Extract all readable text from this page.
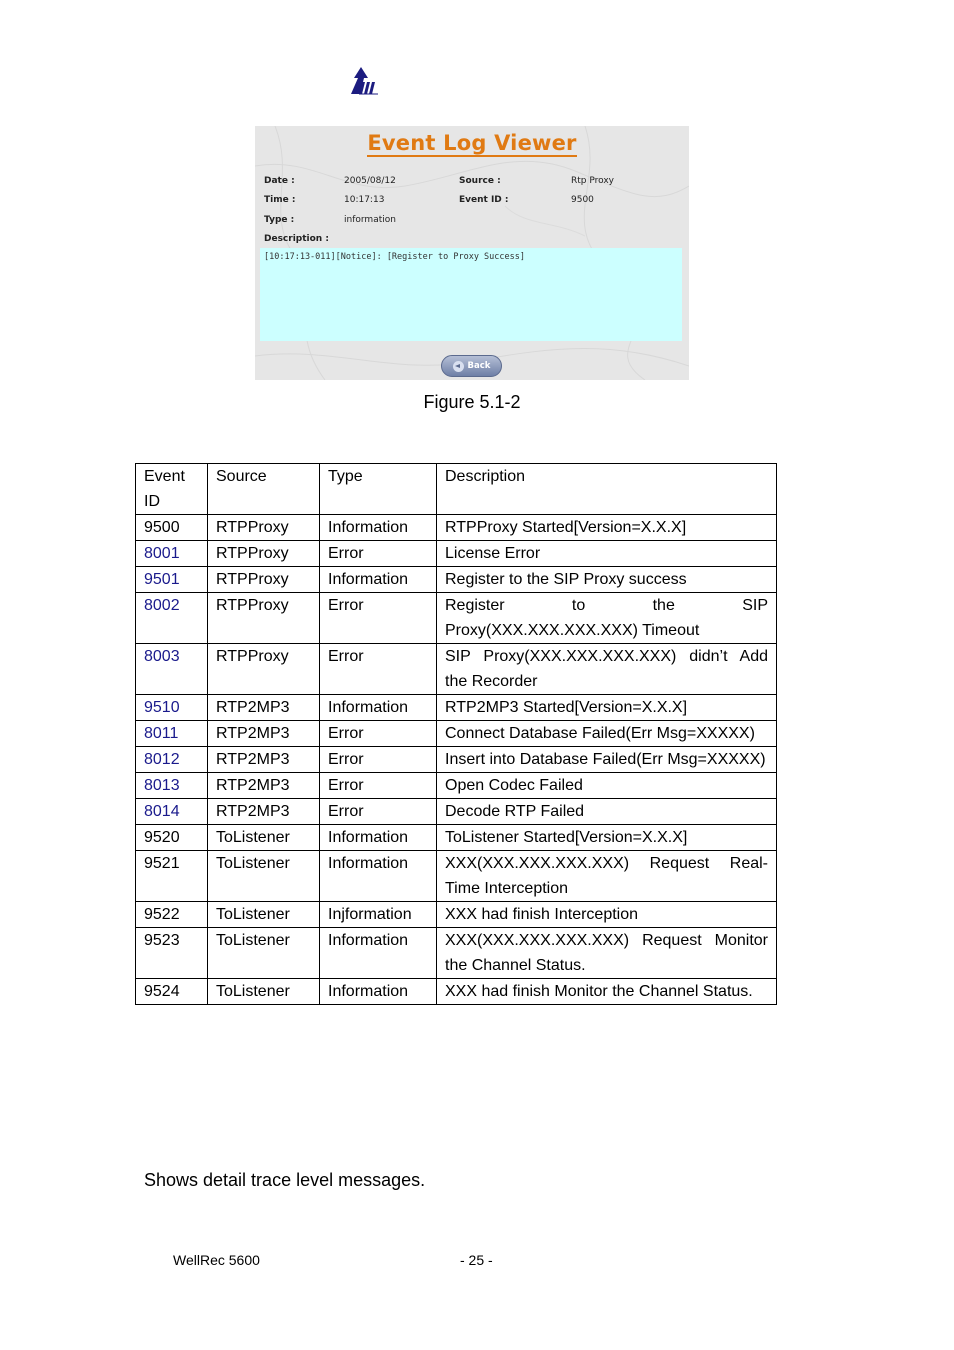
Event Log Viewer
Date :	2005/08/12	Source :	Rtp Proxy
Time :	10:17:13	Event ID :	9500
Type :	information
Description :
[10:17:13-011][Notice]: [Register to Proxy Success]
Back
Figure 5.1-2
Event ID	Source	Type	Description
9500	RTPProxy	Information	RTPProxy Started[Version=X.X.X]
8001	RTPProxy	Error	License Error
9501	RTPProxy	Information	Register to the SIP Proxy success
8002	RTPProxy	Error	Register to the SIP Proxy(XXX.XXX.XXX.XXX) Timeout
8003	RTPProxy	Error	SIP Proxy(XXX.XXX.XXX.XXX) didn’t Add the Recorder
9510	RTP2MP3	Information	RTP2MP3 Started[Version=X.X.X]
8011	RTP2MP3	Error	Connect Database Failed(Err Msg=XXXXX)
8012	RTP2MP3	Error	Insert into Database Failed(Err Msg=XXXXX)
8013	RTP2MP3	Error	Open Codec Failed
8014	RTP2MP3	Error	Decode RTP Failed
9520	ToListener	Information	ToListener Started[Version=X.X.X]
9521	ToListener	Information	XXX(XXX.XXX.XXX.XXX) Request Real-Time Interception
9522	ToListener	Injformation	XXX had finish Interception
9523	ToListener	Information	XXX(XXX.XXX.XXX.XXX) Request Monitor the Channel Status.
9524	ToListener	Information	XXX had finish Monitor the Channel Status.
Shows detail trace level messages.
WellRec 5600	- 25 -
